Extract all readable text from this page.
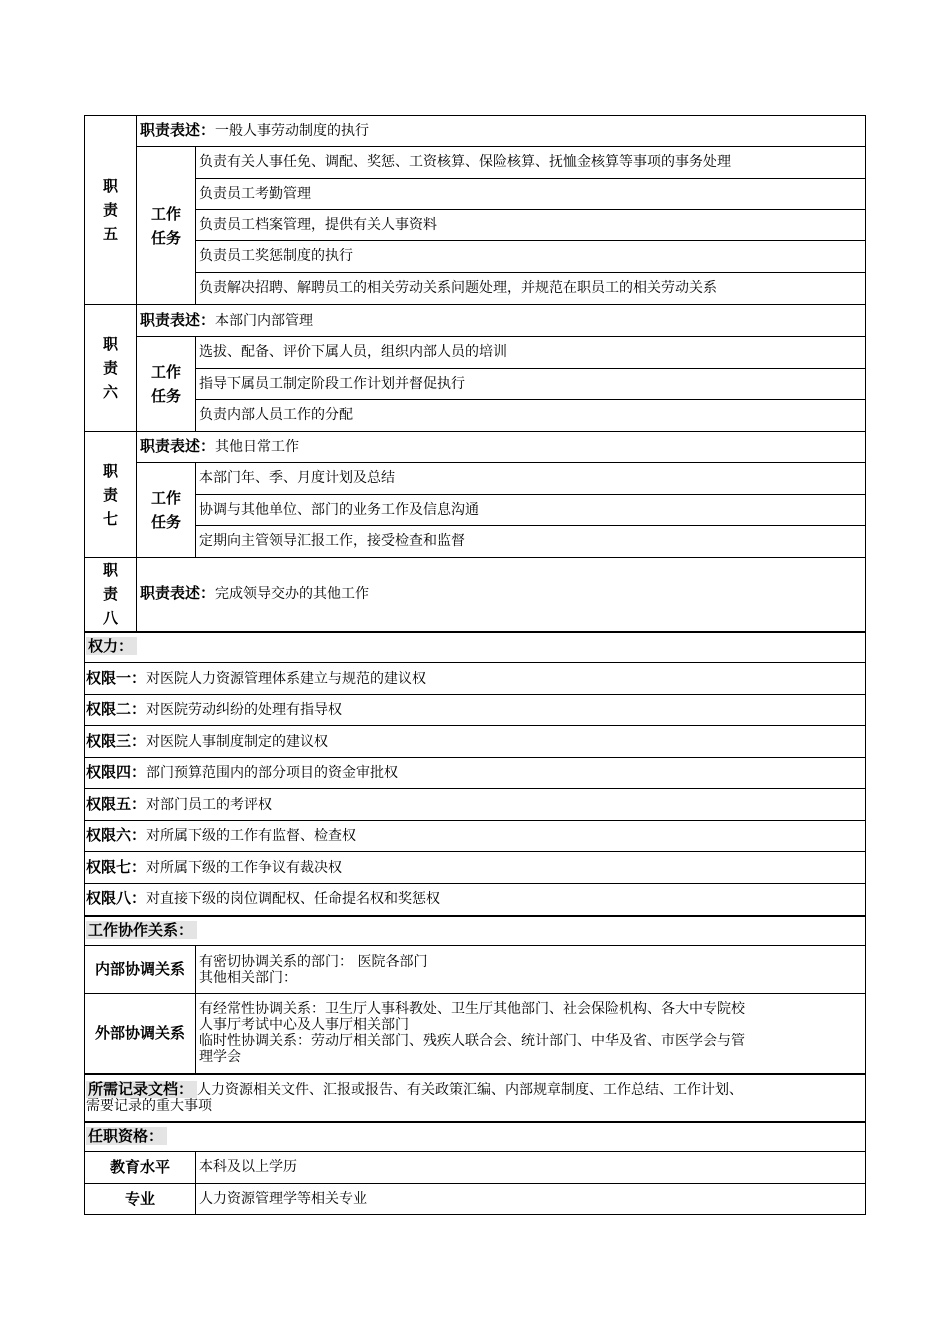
职
责
五	职责表述：一般人事劳动制度的执行	

	工作
任务	负责有关人事任免、调配、奖惩、工资核算、保险核算、抚恤金核算等事项的事务处理
		负责员工考勤管理
		负责员工档案管理，提供有关人事资料
		负责员工奖惩制度的执行
		负责解决招聘、解聘员工的相关劳动关系问题处理，并规范在职员工的相关劳动关系

职
责
六	职责表述：本部门内部管理	

	工作
任务	选拔、配备、评价下属人员，组织内部人员的培训
		指导下属员工制定阶段工作计划并督促执行
		负责内部人员工作的分配

职
责
七	职责表述：其他日常工作	

	工作
任务	本部门年、季、月度计划及总结
		协调与其他单位、部门的业务工作及信息沟通
		定期向主管领导汇报工作，接受检查和监督

职
责
八	职责表述：完成领导交办的其他工作	
权力：		
权限一：对医院人力资源管理体系建立与规范的建议权		
权限二：对医院劳动纠纷的处理有指导权		
权限三：对医院人事制度制定的建议权		
权限四：部门预算范围内的部分项目的资金审批权		
权限五：对部门员工的考评权		
权限六：对所属下级的工作有监督、检查权		
权限七：对所属下级的工作争议有裁决权		
权限八：对直接下级的岗位调配权、任命提名权和奖惩权		
工作协作关系：		
内部协调关系		有密切协调关系的部门： 医院各部门
其他相关部门：

外部协调关系		有经常性协调关系：卫生厅人事科教处、卫生厅其他部门、社会保险机构、各大中专院校
人事厅考试中心及人事厅相关部门
临时性协调关系：劳动厅相关部门、残疾人联合会、统计部门、中华及省、市医学会与管
理学会

所需记录文档： 人力资源相关文件、汇报或报告、有关政策汇编、内部规章制度、工作总结、工作计划、
需要记录的重大事项		

任职资格：		
教育水平		本科及以上学历
专业		人力资源管理学等相关专业
